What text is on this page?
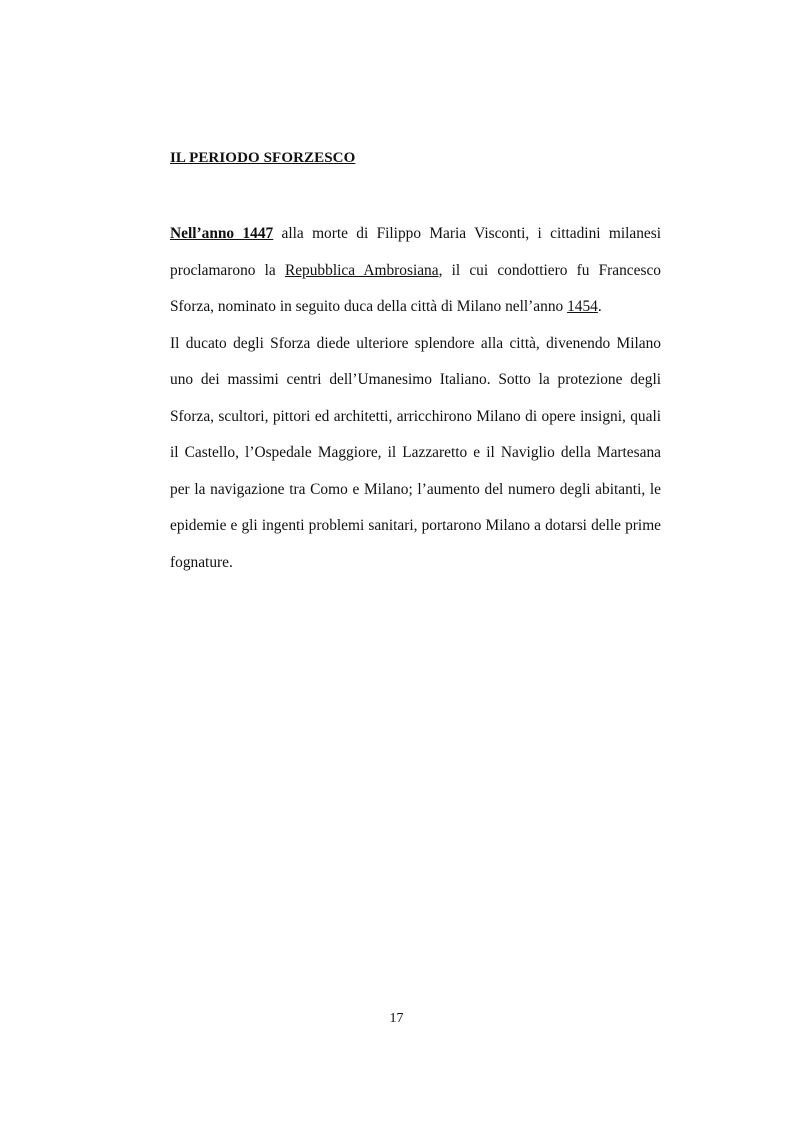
IL PERIODO SFORZESCO

Nell’anno 1447 alla morte di Filippo Maria Visconti, i cittadini milanesi proclamarono la Repubblica Ambrosiana, il cui condottiero fu Francesco Sforza, nominato in seguito duca della città di Milano nell’anno 1454.

Il ducato degli Sforza diede ulteriore splendore alla città, divenendo Milano uno dei massimi centri dell’Umanesimo Italiano. Sotto la protezione degli Sforza, scultori, pittori ed architetti, arricchirono Milano di opere insigni, quali il Castello, l’Ospedale Maggiore, il Lazzaretto e il Naviglio della Martesana per la navigazione tra Como e Milano; l’aumento del numero degli abitanti, le epidemie e gli ingenti problemi sanitari, portarono Milano a dotarsi delle prime fognature.

17
